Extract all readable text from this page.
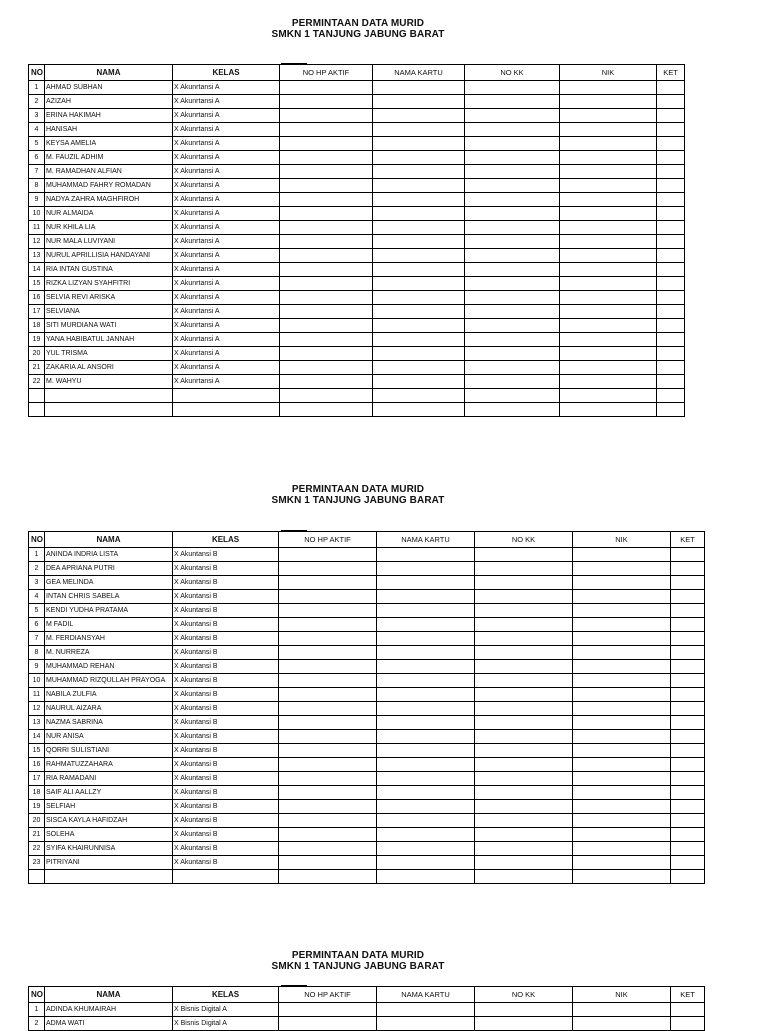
PERMINTAAN DATA MURID
SMKN 1 TANJUNG JABUNG BARAT
NO	NAMA	KELAS	NO HP AKTIF	NAMA KARTU	NO KK	NIK	KET
1	AHMAD SUBHAN	X Akunrtansi A					
2	AZIZAH	X Akunrtansi A					
3	ERINA HAKIMAH	X Akunrtansi A					
4	HANISAH	X Akunrtansi A					
5	KEYSA AMELIA	X Akunrtansi A					
6	M. FAUZIL ADHIM	X Akunrtansi A					
7	M. RAMADHAN ALFIAN	X Akunrtansi A					
8	MUHAMMAD FAHRY ROMADAN	X Akunrtansi A					
9	NADYA ZAHRA MAGHFIROH	X Akunrtansi A					
10	NUR ALMAIDA	X Akunrtansi A					
11	NUR KHILA LIA	X Akunrtansi A					
12	NUR MALA LUVIYANI	X Akunrtansi A					
13	NURUL APRILLISIA HANDAYANI	X Akunrtansi A					
14	RIA INTAN GUSTINA	X Akunrtansi A					
15	RIZKA LIZYAN SYAHFITRI	X Akunrtansi A					
16	SELVIA REVI ARISKA	X Akunrtansi A					
17	SELVIANA	X Akunrtansi A					
18	SITI MURDIANA WATI	X Akunrtansi A					
19	YANA HABIBATUL JANNAH	X Akunrtansi A					
20	YUL TRISMA	X Akunrtansi A					
21	ZAKARIA AL ANSORI	X Akunrtansi A					
22	M. WAHYU	X Akunrtansi A					

PERMINTAAN DATA MURID
SMKN 1 TANJUNG JABUNG BARAT
NO	NAMA	KELAS	NO HP AKTIF	NAMA KARTU	NO KK	NIK	KET
1	ANINDA INDRIA LISTA	X Akuntansi B					
2	DEA APRIANA PUTRI	X Akuntansi B					
3	GEA MELINDA	X Akuntansi B					
4	INTAN CHRIS SABELA	X Akuntansi B					
5	KENDI YUDHA PRATAMA	X Akuntansi B					
6	M FADIL	X Akuntansi B					
7	M. FERDIANSYAH	X Akuntansi B					
8	M. NURREZA	X Akuntansi B					
9	MUHAMMAD REHAN	X Akuntansi B					
10	MUHAMMAD RIZQULLAH PRAYOGA	X Akuntansi B					
11	NABILA ZULFIA	X Akuntansi B					
12	NAURUL AIZARA	X Akuntansi B					
13	NAZMA SABRINA	X Akuntansi B					
14	NUR ANISA	X Akuntansi B					
15	QORRI SULISTIANI	X Akuntansi B					
16	RAHMATUZZAHARA	X Akuntansi B					
17	RIA RAMADANI	X Akuntansi B					
18	SAIF ALI AALLZY	X Akuntansi B					
19	SELFIAH	X Akuntansi B					
20	SISCA KAYLA HAFIDZAH	X Akuntansi B					
21	SOLEHA	X Akuntansi B					
22	SYIFA KHAIRUNNISA	X Akuntansi B					
23	PITRIYANI	X Akuntansi B					

PERMINTAAN DATA MURID
SMKN 1 TANJUNG JABUNG BARAT
NO	NAMA	KELAS	NO HP AKTIF	NAMA KARTU	NO KK	NIK	KET
1	ADINDA KHUMAIRAH	X Bisnis Digital A					
2	ADMA WATI	X Bisnis Digital A					
